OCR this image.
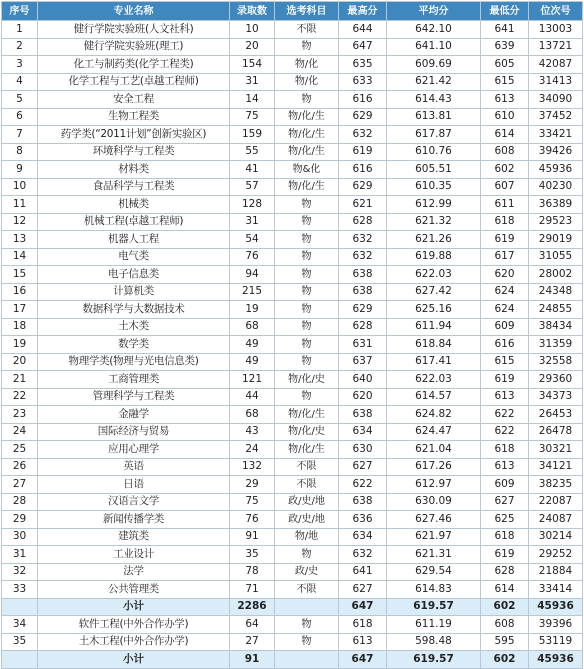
序号	专业名称	录取数	选考科目	最高分	平均分	最低分	位次号
1	健行学院实验班(人文社科)	10	不限	644	642.10	641	13003
2	健行学院实验班(理工)	20	物	647	641.10	639	13721
3	化工与制药类(化学工程类)	154	物/化	635	609.69	605	42087
4	化学工程与工艺(卓越工程师)	31	物/化	633	621.42	615	31413
5	安全工程	14	物	616	614.43	613	34090
6	生物工程类	75	物/化/生	629	613.81	610	37452
7	药学类(“2011计划”创新实验区)	159	物/化/生	632	617.87	614	33421
8	环境科学与工程类	55	物/化/生	619	610.76	608	39426
9	材料类	41	物&化	616	605.51	602	45936
10	食品科学与工程类	57	物/化/生	629	610.35	607	40230
11	机械类	128	物	621	612.99	611	36389
12	机械工程(卓越工程师)	31	物	628	621.32	618	29523
13	机器人工程	54	物	632	621.26	619	29019
14	电气类	76	物	632	619.88	617	31055
15	电子信息类	94	物	638	622.03	620	28002
16	计算机类	215	物	638	627.42	624	24348
17	数据科学与大数据技术	19	物	629	625.16	624	24855
18	土木类	68	物	628	611.94	609	38434
19	数学类	49	物	631	618.84	616	31359
20	物理学类(物理与光电信息类)	49	物	637	617.41	615	32558
21	工商管理类	121	物/化/史	640	622.03	619	29360
22	管理科学与工程类	44	物	620	614.57	613	34373
23	金融学	68	物/化/生	638	624.82	622	26453
24	国际经济与贸易	43	物/化/史	634	624.47	622	26478
25	应用心理学	24	物/化/生	630	621.04	618	30321
26	英语	132	不限	627	617.26	613	34121
27	日语	29	不限	622	612.97	609	38235
28	汉语言文学	75	政/史/地	638	630.09	627	22087
29	新闻传播学类	76	政/史/地	636	627.46	625	24087
30	建筑类	91	物/地	634	621.97	618	30214
31	工业设计	35	物	632	621.31	619	29252
32	法学	78	政/史	641	629.54	628	21884
33	公共管理类	71	不限	627	614.83	614	33414
	小计	2286		647	619.57	602	45936
34	软件工程(中外合作办学)	64	物	618	611.19	608	39396
35	土木工程(中外合作办学)	27	物	613	598.48	595	53119
	小计	91		647	619.57	602	45936
